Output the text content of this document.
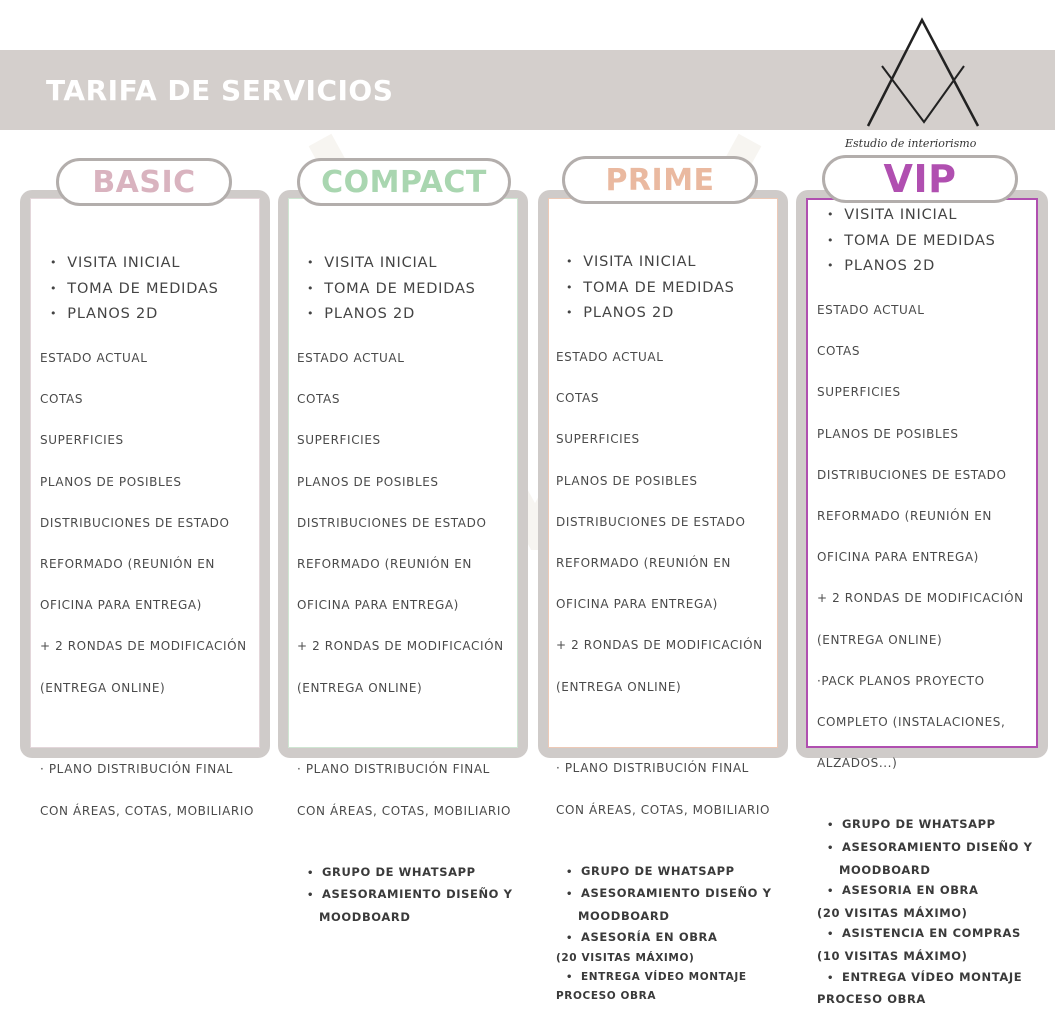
TARIFA DE SERVICIOS
Estudio de interiorismo
BASIC
• VISITA INICIAL
• TOMA DE MEDIDAS
• PLANOS 2D

ESTADO ACTUAL

COTAS

SUPERFICIES

PLANOS DE POSIBLES

DISTRIBUCIONES DE ESTADO

REFORMADO (REUNIÓN EN

OFICINA PARA ENTREGA)

+ 2 RONDAS DE MODIFICACIÓN

(ENTREGA ONLINE)

· PLANO DISTRIBUCIÓN FINAL

CON ÁREAS, COTAS, MOBILIARIO

COMPACT
• VISITA INICIAL
• TOMA DE MEDIDAS
• PLANOS 2D

ESTADO ACTUAL

COTAS

SUPERFICIES

PLANOS DE POSIBLES

DISTRIBUCIONES DE ESTADO

REFORMADO (REUNIÓN EN

OFICINA PARA ENTREGA)

+ 2 RONDAS DE MODIFICACIÓN

(ENTREGA ONLINE)

· PLANO DISTRIBUCIÓN FINAL

CON ÁREAS, COTAS, MOBILIARIO

• GRUPO DE WHATSAPP
• ASESORAMIENTO DISEÑO Y
MOODBOARD
PRIME
• VISITA INICIAL
• TOMA DE MEDIDAS
• PLANOS 2D

ESTADO ACTUAL

COTAS

SUPERFICIES

PLANOS DE POSIBLES

DISTRIBUCIONES DE ESTADO

REFORMADO (REUNIÓN EN

OFICINA PARA ENTREGA)

+ 2 RONDAS DE MODIFICACIÓN

(ENTREGA ONLINE)

· PLANO DISTRIBUCIÓN FINAL

CON ÁREAS, COTAS, MOBILIARIO

• GRUPO DE WHATSAPP
• ASESORAMIENTO DISEÑO Y
MOODBOARD
• ASESORÍA EN OBRA
(20 VISITAS MÁXIMO)
• ENTREGA VÍDEO MONTAJE
PROCESO OBRA
VIP
• VISITA INICIAL
• TOMA DE MEDIDAS
• PLANOS 2D

ESTADO ACTUAL

COTAS

SUPERFICIES

PLANOS DE POSIBLES

DISTRIBUCIONES DE ESTADO

REFORMADO (REUNIÓN EN

OFICINA PARA ENTREGA)

+ 2 RONDAS DE MODIFICACIÓN

(ENTREGA ONLINE)

·PACK PLANOS PROYECTO

COMPLETO (INSTALACIONES,

ALZADOS...)

• GRUPO DE WHATSAPP
• ASESORAMIENTO DISEÑO Y
MOODBOARD
• ASESORIA EN OBRA
(20 VISITAS MÁXIMO)
• ASISTENCIA EN COMPRAS
(10 VISITAS MÁXIMO)
• ENTREGA VÍDEO MONTAJE
PROCESO OBRA
